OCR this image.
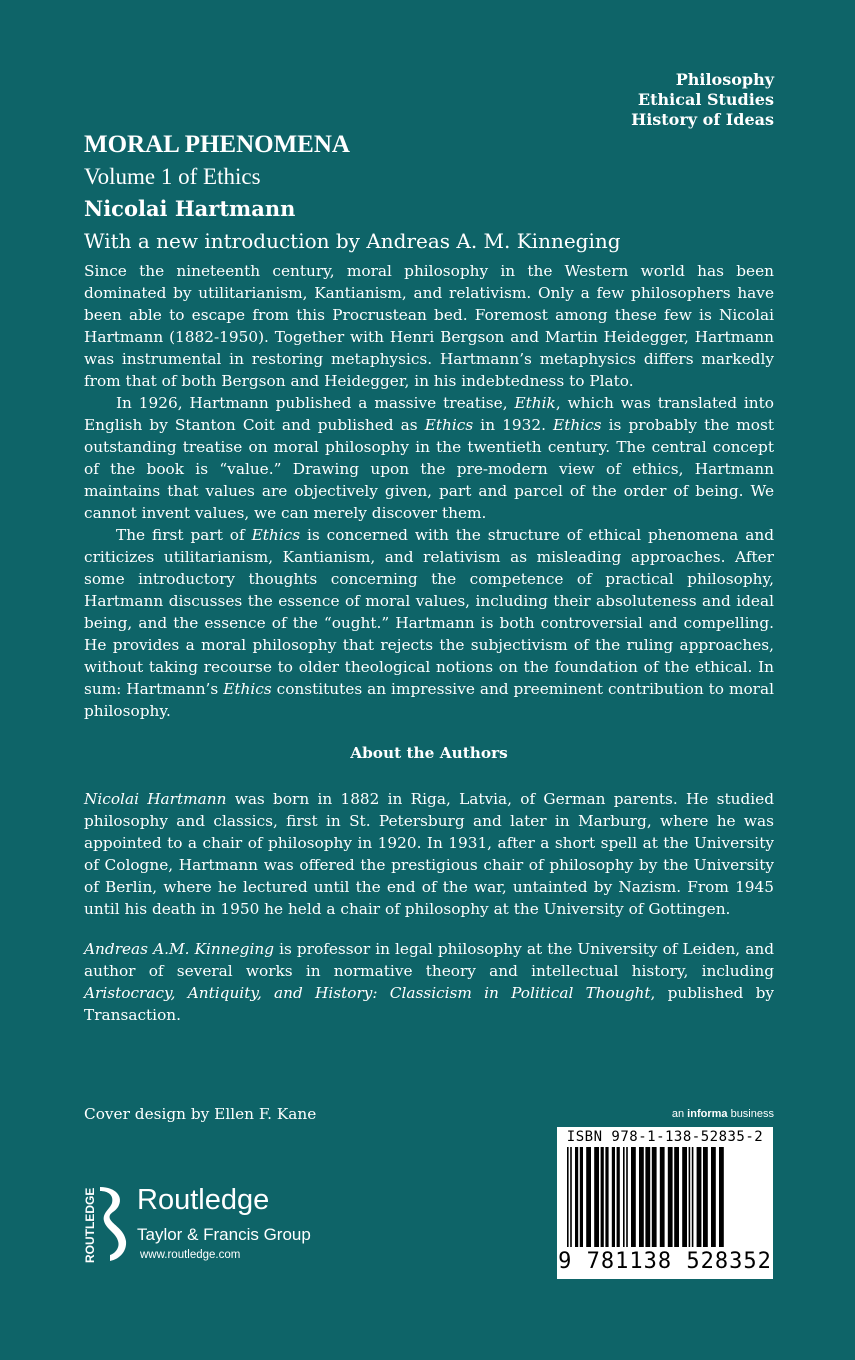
Philosophy
Ethical Studies
History of Ideas
MORAL PHENOMENA
Volume 1 of Ethics
Nicolai Hartmann
With a new introduction by Andreas A. M. Kinneging

Since the nineteenth century, moral philosophy in the Western world has been dominated by utilitarianism, Kantianism, and relativism. Only a few philosophers have been able to escape from this Procrustean bed. Foremost among these few is Nicolai Hartmann (1882-1950). Together with Henri Bergson and Martin Heidegger, Hartmann was instrumental in restoring metaphysics. Hartmann’s metaphysics differs markedly from that of both Bergson and Heidegger, in his indebtedness to Plato.

In 1926, Hartmann published a massive treatise, Ethik, which was translated into English by Stanton Coit and published as Ethics in 1932. Ethics is probably the most outstanding treatise on moral philosophy in the twentieth century. The central concept of the book is “value.” Drawing upon the pre-modern view of ethics, Hartmann maintains that values are objectively given, part and parcel of the order of being. We cannot invent values, we can merely discover them.

The first part of Ethics is concerned with the structure of ethical phenomena and criticizes utilitarianism, Kantianism, and relativism as misleading approaches. After some introductory thoughts concerning the competence of practical philosophy, Hartmann discusses the essence of moral values, including their absoluteness and ideal being, and the essence of the “ought.” Hartmann is both controversial and compelling. He provides a moral philosophy that rejects the subjectivism of the ruling approaches, without taking recourse to older theological notions on the foundation of the ethical. In sum: Hartmann’s Ethics constitutes an impressive and preeminent contribution to moral philosophy.

About the Authors

Nicolai Hartmann was born in 1882 in Riga, Latvia, of German parents. He studied philosophy and classics, first in St. Petersburg and later in Marburg, where he was appointed to a chair of philosophy in 1920. In 1931, after a short spell at the University of Cologne, Hartmann was offered the prestigious chair of philosophy by the University of Berlin, where he lectured until the end of the war, untainted by Nazism. From 1945 until his death in 1950 he held a chair of philosophy at the University of Gottingen.

Andreas A.M. Kinneging is professor in legal philosophy at the University of Leiden, and author of several works in normative theory and intellectual history, including Aristocracy, Antiquity, and History: Classicism in Political Thought, published by Transaction.

Cover design by Ellen F. Kane	an informa business
ROUTLEDGE Routledge
Taylor & Francis Group
www.routledge.com
ISBN 978-1-138-52835-2
9 781138 528352
